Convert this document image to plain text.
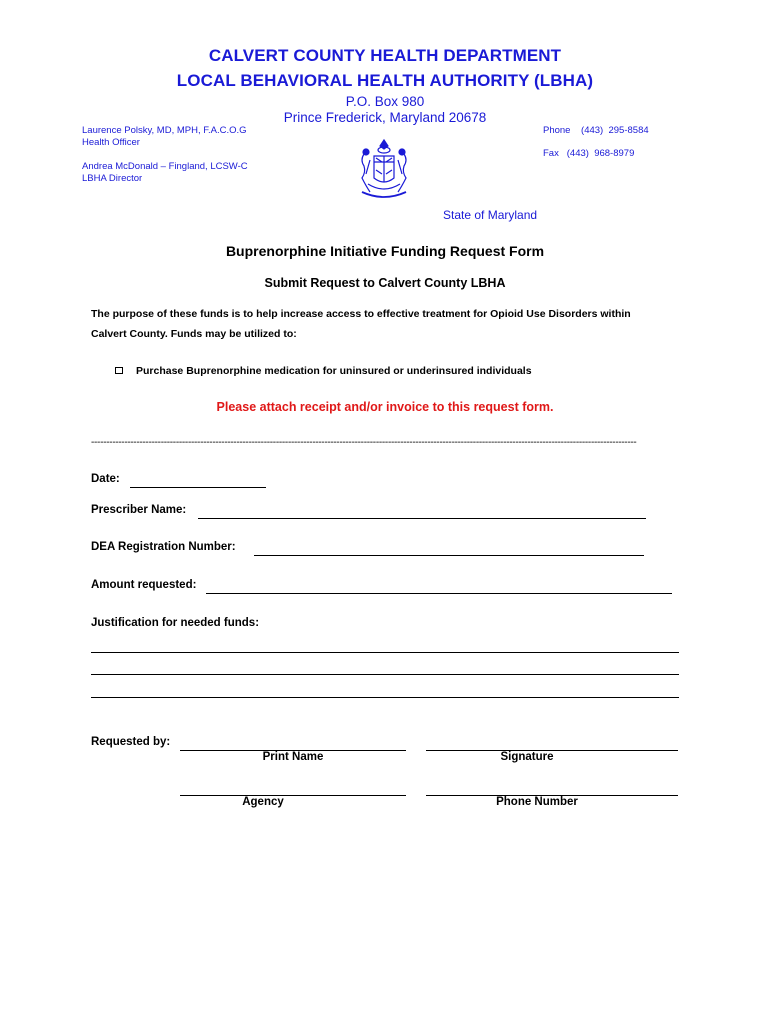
CALVERT COUNTY HEALTH DEPARTMENT
LOCAL BEHAVIORAL HEALTH AUTHORITY (LBHA)
P.O. Box 980
Prince Frederick, Maryland 20678
Laurence Polsky, MD, MPH, F.A.C.O.G
Health Officer
Andrea McDonald – Fingland, LCSW-C
LBHA Director
Phone    (443)  295-8584
Fax   (443)  968-8979
State of Maryland
Buprenorphine Initiative Funding Request Form
Submit Request to Calvert County LBHA
The purpose of these funds is to help increase access to effective treatment for Opioid Use Disorders within
Calvert County. Funds may be utilized to:
Purchase Buprenorphine medication for uninsured or underinsured individuals
Please attach receipt and/or invoice to this request form.
------------------------------------------------------------------------------------------------------------------------------------------------------------------------------------
Date:
Prescriber Name:
DEA Registration Number:
Amount requested:
Justification for needed funds:
Requested by:
Print Name	Signature
Agency	Phone Number
